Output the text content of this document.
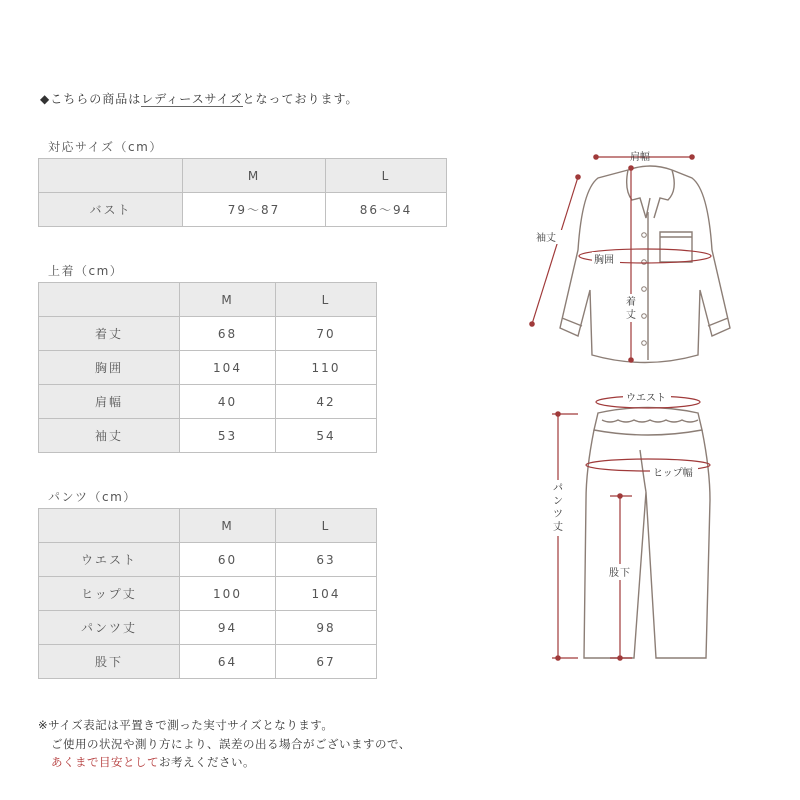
◆こちらの商品はレディースサイズとなっております。
対応サイズ（cm）
	M	L
バスト	79〜87	86〜94
上着（cm）
	M	L
着丈	68	70
胸囲	104	110
肩幅	40	42
袖丈	53	54
パンツ（cm）
	M	L
ウエスト	60	63
ヒップ丈	100	104
パンツ丈	94	98
股下	64	67
肩幅
袖丈
胸囲
着
丈
ウエスト
ヒップ幅
パ
ン
ツ
丈
股 下
※サイズ表記は平置きで測った実寸サイズとなります。
ご使用の状況や測り方により、誤差の出る場合がございますので、
あくまで目安としてお考えください。
